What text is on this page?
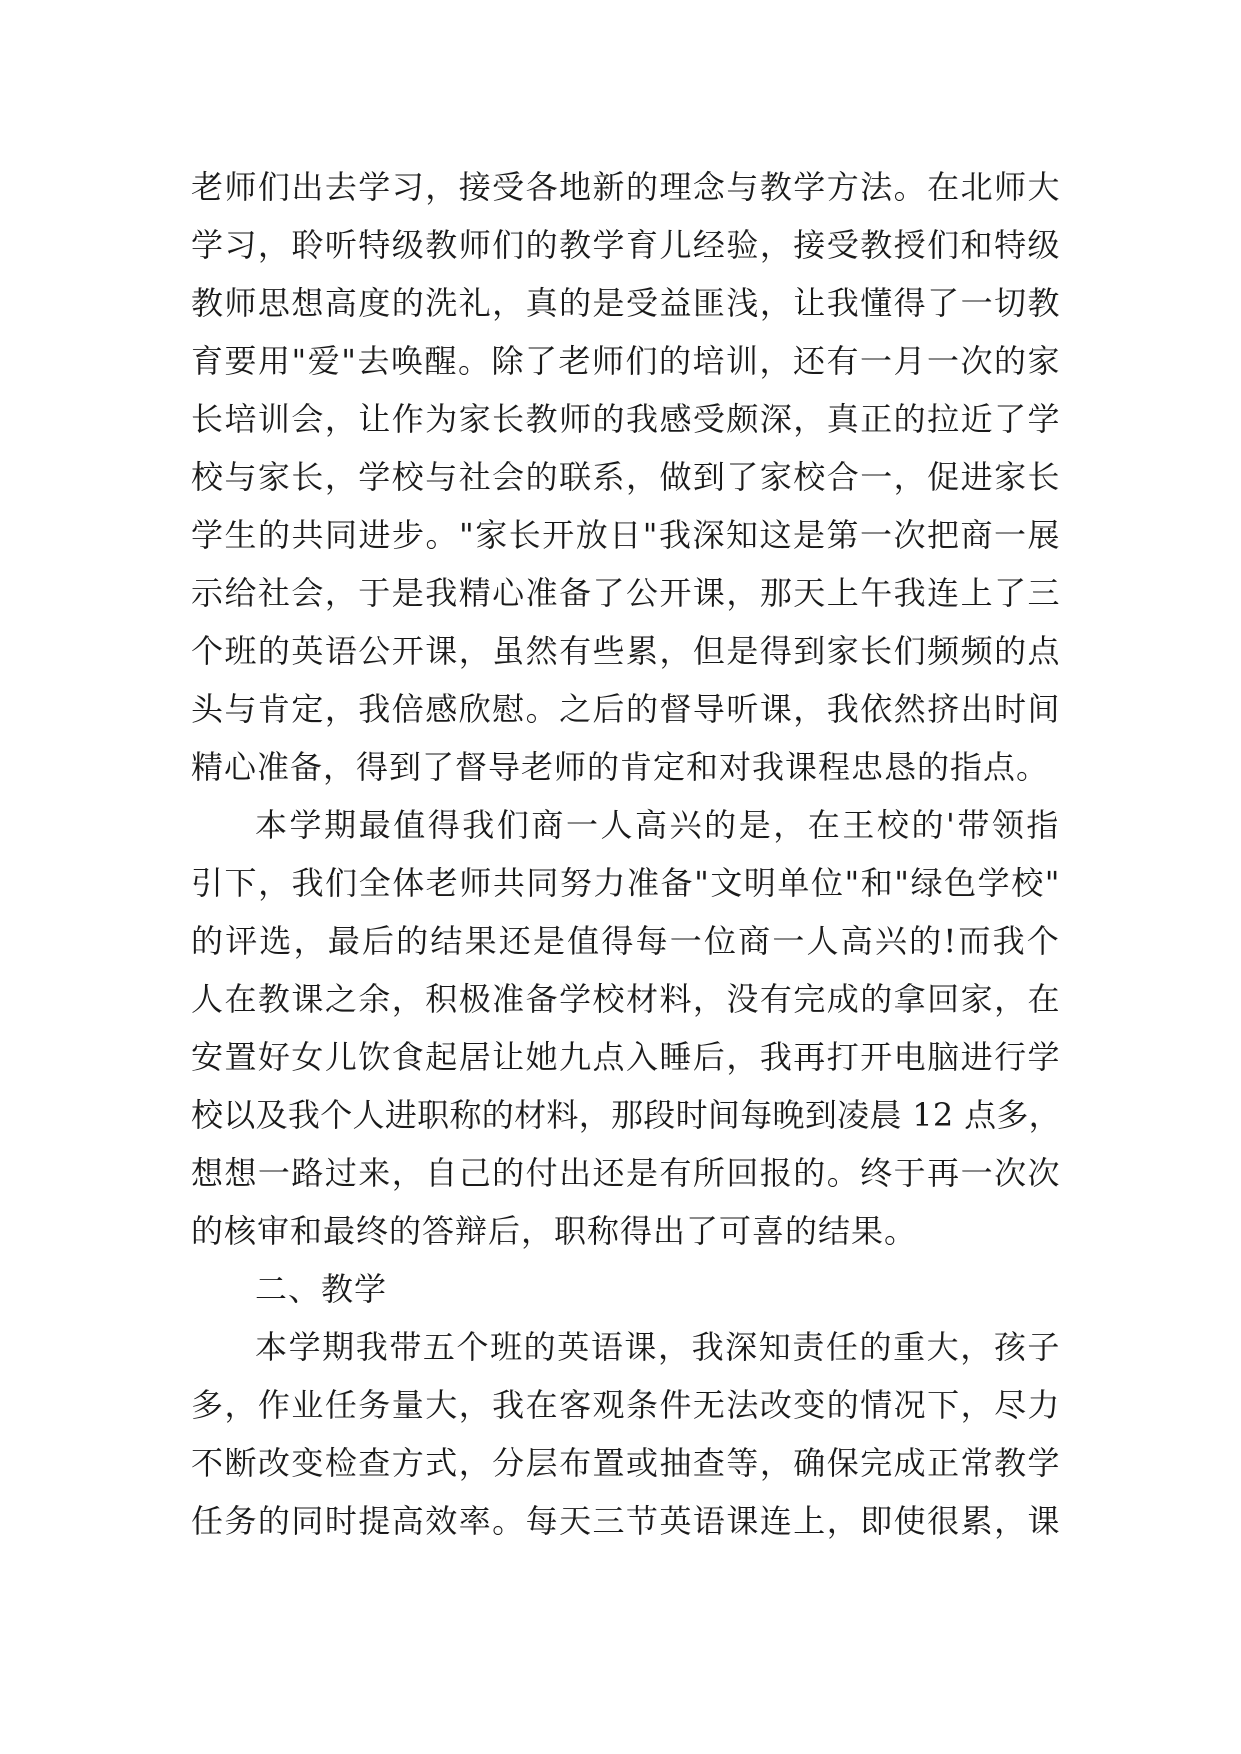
老师们出去学习，接受各地新的理念与教学方法。在北师大
学习，聆听特级教师们的教学育儿经验，接受教授们和特级
教师思想高度的洗礼，真的是受益匪浅，让我懂得了一切教
育要用"爱"去唤醒。除了老师们的培训，还有一月一次的家
长培训会，让作为家长教师的我感受颇深，真正的拉近了学
校与家长，学校与社会的联系，做到了家校合一，促进家长
学生的共同进步。"家长开放日"我深知这是第一次把商一展
示给社会，于是我精心准备了公开课，那天上午我连上了三
个班的英语公开课，虽然有些累，但是得到家长们频频的点
头与肯定，我倍感欣慰。之后的督导听课，我依然挤出时间
精心准备，得到了督导老师的肯定和对我课程忠恳的指点。
本学期最值得我们商一人高兴的是，在王校的'带领指
引下，我们全体老师共同努力准备"文明单位"和"绿色学校"
的评选，最后的结果还是值得每一位商一人高兴的!而我个
人在教课之余，积极准备学校材料，没有完成的拿回家，在
安置好女儿饮食起居让她九点入睡后，我再打开电脑进行学
校以及我个人进职称的材料，那段时间每晚到凌晨 12 点多，
想想一路过来，自己的付出还是有所回报的。终于再一次次
的核审和最终的答辩后，职称得出了可喜的结果。
二、教学
本学期我带五个班的英语课，我深知责任的重大，孩子
多，作业任务量大，我在客观条件无法改变的情况下，尽力
不断改变检查方式，分层布置或抽查等，确保完成正常教学
任务的同时提高效率。每天三节英语课连上，即使很累，课
